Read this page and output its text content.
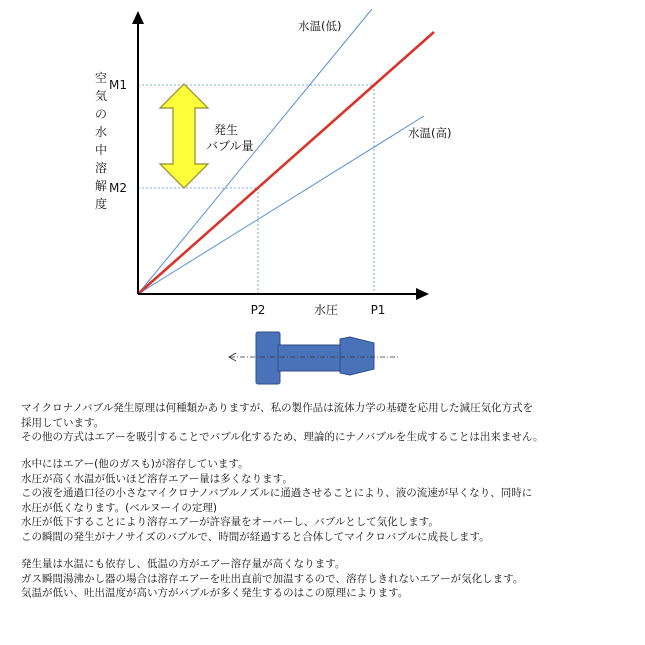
空気の水中溶解度
M1
M2
P2	P1
水圧
水温(低)
水温(高)
発生
バブル量

マイクロナノバブル発生原理は何種類かありますが、私の製作品は流体力学の基礎を応用した減圧気化方式を

採用しています。

その他の方式はエアーを吸引することでバブル化するため、理論的にナノバブルを生成することは出来ません。

水中にはエアー(他のガスも)が溶存しています。

水圧が高く水温が低いほど溶存エアー量は多くなります。

この液を通過口径の小さなマイクロナノバブルノズルに通過させることにより、液の流速が早くなり、同時に

水圧が低くなります。(ベルヌーイの定理)

水圧が低下することにより溶存エアーが許容量をオーバーし、バブルとして気化します。

この瞬間の発生がナノサイズのバブルで、時間が経過すると合体してマイクロバブルに成長します。

発生量は水温にも依存し、低温の方がエアー溶存量が高くなります。

ガス瞬間湯沸かし器の場合は溶存エアーを吐出直前で加温するので、溶存しきれないエアーが気化します。

気温が低い、吐出温度が高い方がバブルが多く発生するのはこの原理によります。
